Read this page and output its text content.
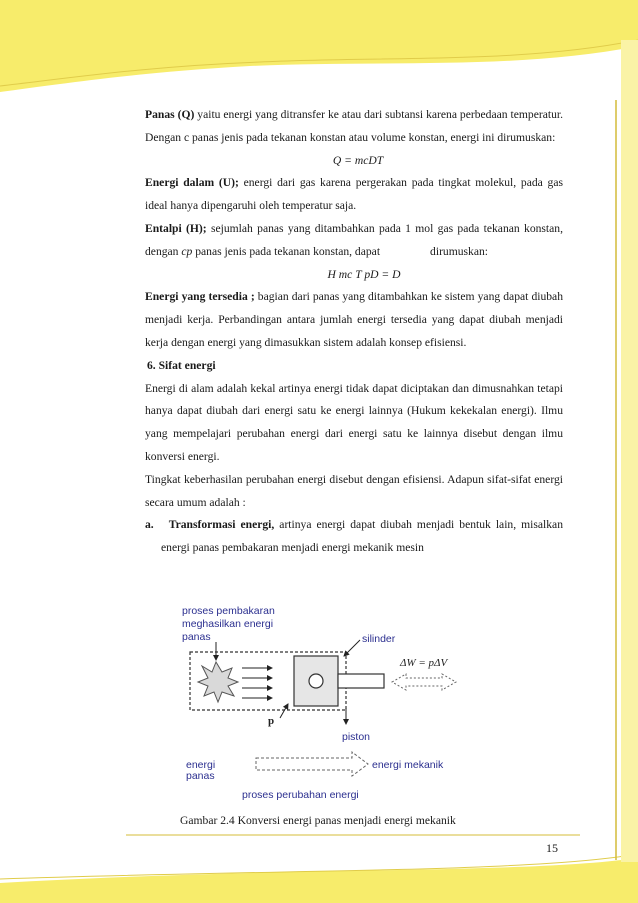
Panas (Q) yaitu energi yang ditransfer ke atau dari subtansi karena perbedaan temperatur. Dengan c panas jenis pada tekanan konstan atau volume konstan, energi ini dirumuskan:

Q = mcDT

Energi dalam (U); energi dari gas karena pergerakan pada tingkat molekul, pada gas ideal hanya dipengaruhi oleh temperatur saja.

Entalpi (H); sejumlah panas yang ditambahkan pada 1 mol gas pada tekanan konstan, dengan cp panas jenis pada tekanan konstan, dapat	dirumuskan:

H mc T pD = D

Energi yang tersedia ; bagian dari panas yang ditambahkan ke sistem yang dapat diubah menjadi kerja. Perbandingan antara jumlah energi tersedia yang dapat diubah menjadi kerja dengan energi yang dimasukkan sistem adalah konsep efisiensi.

6. Sifat energi

Energi di alam adalah kekal artinya energi tidak dapat diciptakan dan dimusnahkan tetapi hanya dapat diubah dari energi satu ke energi lainnya (Hukum kekekalan energi). Ilmu yang mempelajari perubahan energi dari energi satu ke lainnya disebut dengan ilmu konversi energi.

Tingkat keberhasilan perubahan energi disebut dengan efisiensi. Adapun sifat-sifat energi secara umum adalah :

a. Transformasi energi, artinya energi dapat diubah menjadi bentuk lain, misalkan energi panas pembakaran menjadi energi mekanik mesin

proses pembakaran
meghasilkan energi
panas	silinder
ΔW = pΔV
p
piston
energi
panas
energi mekanik
proses perubahan energi
Gambar 2.4 Konversi energi panas menjadi energi mekanik
15
